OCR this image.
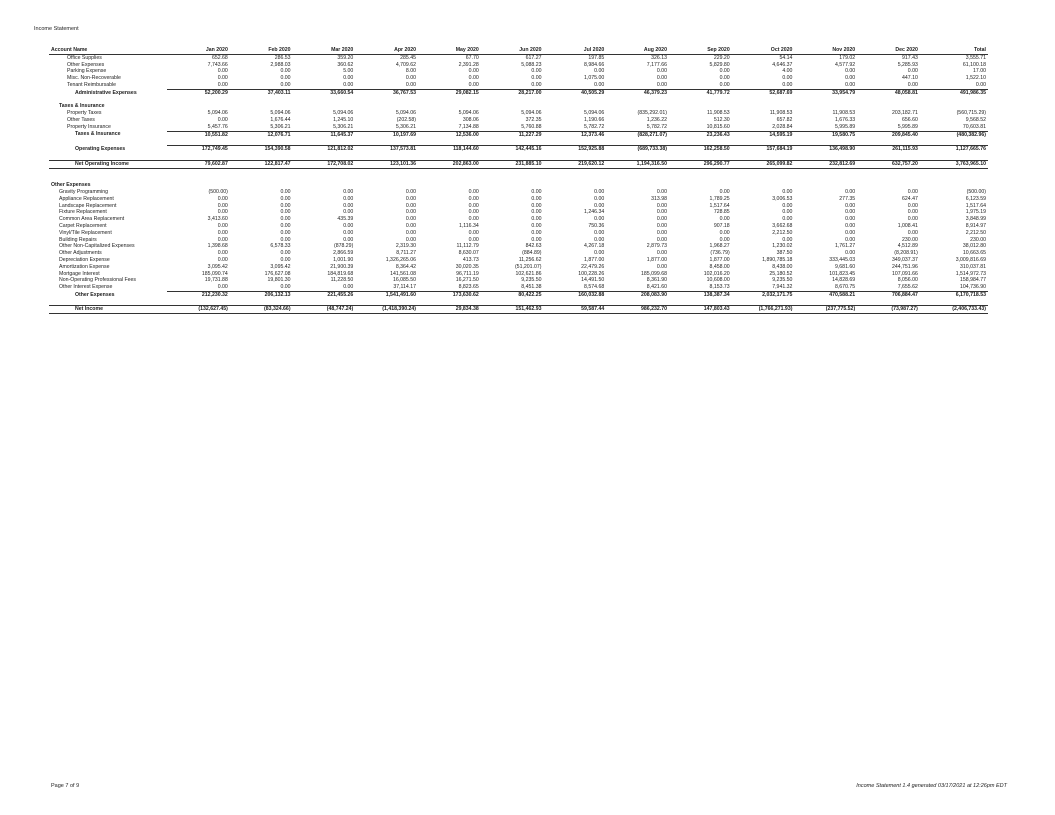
Income Statement
Account Name	Jan 2020	Feb 2020	Mar 2020	Apr 2020	May 2020	Jun 2020	Jul 2020	Aug 2020	Sep 2020	Oct 2020	Nov 2020	Dec 2020	Total
Office Supplies	652.68	286.53	359.20	285.45	67.70	617.27	197.85	326.13	229.20	54.14	179.02	917.43	3,555.71
Other Expenses	7,743.66	2,988.03	360.62	4,709.62	2,391.28	5,088.23	8,984.66	7,177.66	5,829.80	4,646.37	4,577.92	5,285.93	61,100.18
Parking Expense	0.00	0.00	5.00	8.00	0.00	0.00	0.00	0.00	0.00	4.00	0.00	0.00	17.00
Misc. Non-Recoverable	0.00	0.00	0.00	0.00	0.00	0.00	1,075.00	0.00	0.00	0.00	0.00	447.10	1,522.10
Tenant Reimbursable	0.00	0.00	0.00	0.00	0.00	0.00	0.00	0.00	0.00	0.00	0.00	0.00	0.00
Administrative Expenses	52,200.29	37,403.11	33,660.54	36,767.53	29,082.15	28,217.00	40,505.29	46,379.23	41,779.72	52,687.69	33,954.79	48,058.81	491,986.35

Taxes & Insurance													
Property Taxes	5,094.06	5,094.06	5,094.06	5,094.06	5,094.06	5,094.06	5,094.06	(835,292.01)	11,908.53	11,908.53	11,908.53	203,182.71	(560,715.29)
Other Taxes	0.00	1,676.44	1,245.10	(202.58)	308.06	372.35	1,190.66	1,236.22	512.30	657.82	1,676.33	656.60	9,568.52
Property Insurance	5,457.76	5,306.21	5,306.21	5,306.21	7,134.88	5,760.88	5,782.72	5,782.72	10,815.60	2,028.84	5,995.89	5,995.89	70,603.81
Taxes & Insurance	10,551.82	12,076.71	11,645.37	10,197.69	12,536.00	11,227.29	12,373.46	(828,271.07)	23,236.43	14,595.19	19,580.75	209,845.40	(480,382.96)

Operating Expenses	172,749.45	154,390.58	121,812.02	137,573.81	118,144.60	142,445.16	152,925.88	(689,733.38)	162,258.50	157,684.19	136,498.90	261,115.93	1,127,665.76

Net Operating Income	79,602.87	122,817.47	172,708.02	123,101.36	202,863.00	231,885.10	219,620.12	1,194,316.50	296,290.77	265,099.82	232,812.69	632,757.20	3,763,965.10

Other Expenses													
Gravity Programming	(500.00)	0.00	0.00	0.00	0.00	0.00	0.00	0.00	0.00	0.00	0.00	0.00	(500.00)
Appliance Replacement	0.00	0.00	0.00	0.00	0.00	0.00	0.00	313.98	1,789.25	3,006.53	277.35	624.47	6,123.59
Landscape Replacement	0.00	0.00	0.00	0.00	0.00	0.00	0.00	0.00	1,517.64	0.00	0.00	0.00	1,517.64
Fixture Replacement	0.00	0.00	0.00	0.00	0.00	0.00	1,246.34	0.00	728.85	0.00	0.00	0.00	1,975.19
Common Area Replacement	3,413.60	0.00	435.39	0.00	0.00	0.00	0.00	0.00	0.00	0.00	0.00	0.00	3,848.99
Carpet Replacement	0.00	0.00	0.00	0.00	1,116.34	0.00	750.36	0.00	907.18	3,662.68	0.00	1,008.41	8,914.97
Vinyl/Tile Replacement	0.00	0.00	0.00	0.00	0.00	0.00	0.00	0.00	0.00	2,212.50	0.00	0.00	2,212.50
Building Repairs	0.00	0.00	0.00	0.00	0.00	0.00	0.00	0.00	0.00	0.00	0.00	230.00	230.00
Other Non-Capitalized Expenses	1,398.68	6,578.33	(878.29)	2,319.30	11,112.79	842.63	4,267.18	2,879.73	1,968.27	1,230.02	1,761.27	4,512.89	38,012.80
Other Adjustments	0.00	0.00	2,866.59	8,711.27	8,630.07	(884.89)	0.00	0.00	(736.79)	387.50	0.00	(8,208.91)	10,663.65
Depreciation Expense	0.00	0.00	1,001.90	1,326,265.06	413.73	11,256.62	1,877.00	1,877.00	1,877.00	1,890,785.18	333,445.03	349,037.37	3,009,816.69
Amortization Expense	3,095.42	3,095.42	21,900.39	8,364.42	30,020.35	(51,201.07)	22,479.26	0.00	8,458.00	8,438.00	9,681.60	244,751.96	310,037.81
Mortgage Interest	185,090.74	176,627.08	184,819.68	141,561.08	96,711.19	102,621.86	100,228.26	185,099.68	102,016.20	25,180.52	101,823.45	107,091.66	1,514,972.73
Non-Operating Professional Fees	19,731.88	19,801.30	11,228.50	16,085.50	16,271.50	9,235.50	14,491.50	8,361.90	10,608.00	9,235.50	14,828.69	8,056.00	158,984.77
Other Interest Expense	0.00	0.00	0.00	37,114.17	8,823.65	8,451.38	8,574.68	8,421.60	8,153.73	7,941.32	8,670.75	7,655.62	104,736.90
Other Expenses	212,230.32	206,132.13	221,455.26	1,541,491.60	173,630.62	80,422.25	160,032.88	208,083.90	138,387.34	2,032,171.75	470,588.21	706,884.47	6,170,718.53

Net Income	(132,627.45)	(83,324.66)	(48,747.24)	(1,418,390.24)	29,834.38	151,462.93	59,587.44	986,232.70	147,803.43	(1,766,271.93)	(237,775.52)	(73,987.27)	(2,406,733.43)
Page 7 of 9	Income Statement 1.4 generated 03/17/2021 at 12:26pm EDT
